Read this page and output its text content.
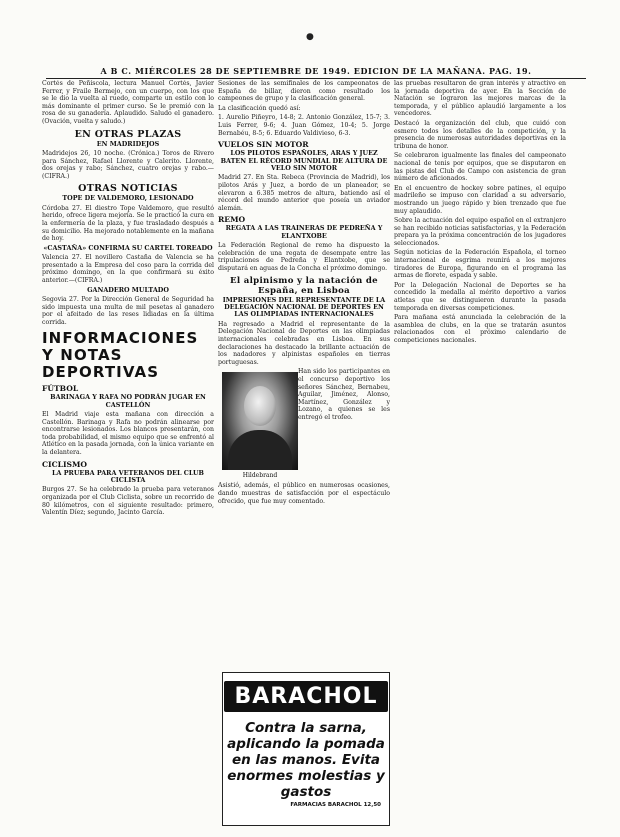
●
A B C. MIÉRCOLES 28 DE SEPTIEMBRE DE 1949. EDICION DE LA MAÑANA. PAG. 19.

Cortés de Peñíscola, lectura Manuel Cortés, Javier Ferrer, y Fraile Bermejo, con un cuerpo, con los que se le dio la vuelta al ruedo, comparte un estilo con lo más dominante el primer curso. Se le premió con la rosa de su ganadería. Aplaudido. Saludo el ganadero. (Ovación, vuelta y saludo.)

EN OTRAS PLAZAS
EN MADRIDEJOS

Madridejos 26, 10 noche. (Crónica.) Toros de Rivero para Sánchez, Rafael Llorente y Calerito. Llorente, dos orejas y rabo; Sánchez, cuatro orejas y rabo.—(CIFRA.)

OTRAS NOTICIAS
TOPE DE VALDEMORO, LESIONADO

Córdoba 27. El diestro Tope Valdemoro, que resultó herido, ofrece ligera mejoría. Se le practicó la cura en la enfermería de la plaza, y fue trasladado después a su domicilio. Ha mejorado notablemente en la mañana de hoy.

«CASTAÑA» CONFIRMA SU CARTEL TOREADO

Valencia 27. El novillero Castaña de Valencia se ha presentado a la Empresa del coso para la corrida del próximo domingo, en la que confirmará su éxito anterior.—(CIFRA.)

GANADERO MULTADO

Segovia 27. Por la Dirección General de Seguridad ha sido impuesta una multa de mil pesetas al ganadero por el afeitado de las reses lidiadas en la última corrida.

INFORMACIONES Y NOTAS DEPORTIVAS
FÚTBOL
BARINAGA Y RAFA NO PODRÁN JUGAR EN CASTELLÓN

El Madrid viaje esta mañana con dirección a Castellón. Barinaga y Rafa no podrán alinearse por encontrarse lesionados. Los blancos presentarán, con toda probabilidad, el mismo equipo que se enfrentó al Atlético en la pasada jornada, con la única variante en la delantera.

CICLISMO
LA PRUEBA PARA VETERANOS DEL CLUB CICLISTA

Burgos 27. Se ha celebrado la prueba para veteranos organizada por el Club Ciclista, sobre un recorrido de 80 kilómetros, con el siguiente resultado: primero, Valentín Díez; segundo, Jacinto García.

Sesiones de las semifinales de los campeonatos de España de billar, dieron como resultado los campeones de grupo y la clasificación general.

La clasificación quedó así:

1. Aurelio Piñeyro, 14-8; 2. Antonio González, 15-7; 3. Luis Ferrer, 9-6; 4. Juan Gómez, 10-4; 5. Jorge Bernabéu, 8-5; 6. Eduardo Valdivieso, 6-3.

VUELOS SIN MOTOR
LOS PILOTOS ESPAÑOLES, ARAS Y JUEZ BATEN EL RÉCORD MUNDIAL DE ALTURA DE VELO SIN MOTOR

Madrid 27. En Sta. Rebeca (Provincia de Madrid), los pilotos Arás y Juez, a bordo de un planeador, se elevaron a 6.385 metros de altura, batiendo así el récord del mundo anterior que poseía un aviador alemán.

REMO
REGATA A LAS TRAINERAS DE PEDREÑA Y ELANTXOBE

La Federación Regional de remo ha dispuesto la celebración de una regata de desempate entre las tripulaciones de Pedreña y Elantxobe, que se disputará en aguas de la Concha el próximo domingo.

El alpinismo y la natación de España, en Lisboa
IMPRESIONES DEL REPRESENTANTE DE LA DELEGACIÓN NACIONAL DE DEPORTES EN LAS OLIMPIADAS INTERNACIONALES

Ha regresado a Madrid el representante de la Delegación Nacional de Deportes en las olimpiadas internacionales celebradas en Lisboa. En sus declaraciones ha destacado la brillante actuación de los nadadores y alpinistas españoles en tierras portuguesas.

Han sido los participantes en el concurso deportivo los señores Sánchez, Bernabeu, Aguilar, Jiménez, Alonso, Martínez, González y Lozano, a quienes se les entregó el trofeo.

Hildebrand

Asistió, además, el público en numerosas ocasiones, dando muestras de satisfacción por el espectáculo ofrecido, que fue muy comentado.

BARACHOL
Contra la sarna, aplicando la pomada en las manos. Evita enormes molestias y gastos
FARMACIAS BARACHOL 12,50

las pruebas resultaron de gran interés y atractivo en la jornada deportiva de ayer. En la Sección de Natación se lograron las mejores marcas de la temporada, y el público aplaudió largamente a los vencedores.

Destacó la organización del club, que cuidó con esmero todos los detalles de la competición, y la presencia de numerosas autoridades deportivas en la tribuna de honor.

Se celebraron igualmente las finales del campeonato nacional de tenis por equipos, que se disputaron en las pistas del Club de Campo con asistencia de gran número de aficionados.

En el encuentro de hockey sobre patines, el equipo madrileño se impuso con claridad a su adversario, mostrando un juego rápido y bien trenzado que fue muy aplaudido.

Sobre la actuación del equipo español en el extranjero se han recibido noticias satisfactorias, y la Federación prepara ya la próxima concentración de los jugadores seleccionados.

Según noticias de la Federación Española, el torneo internacional de esgrima reunirá a los mejores tiradores de Europa, figurando en el programa las armas de florete, espada y sable.

Por la Delegación Nacional de Deportes se ha concedido la medalla al mérito deportivo a varios atletas que se distinguieron durante la pasada temporada en diversas competiciones.

Para mañana está anunciada la celebración de la asamblea de clubs, en la que se tratarán asuntos relacionados con el próximo calendario de competiciones nacionales.
